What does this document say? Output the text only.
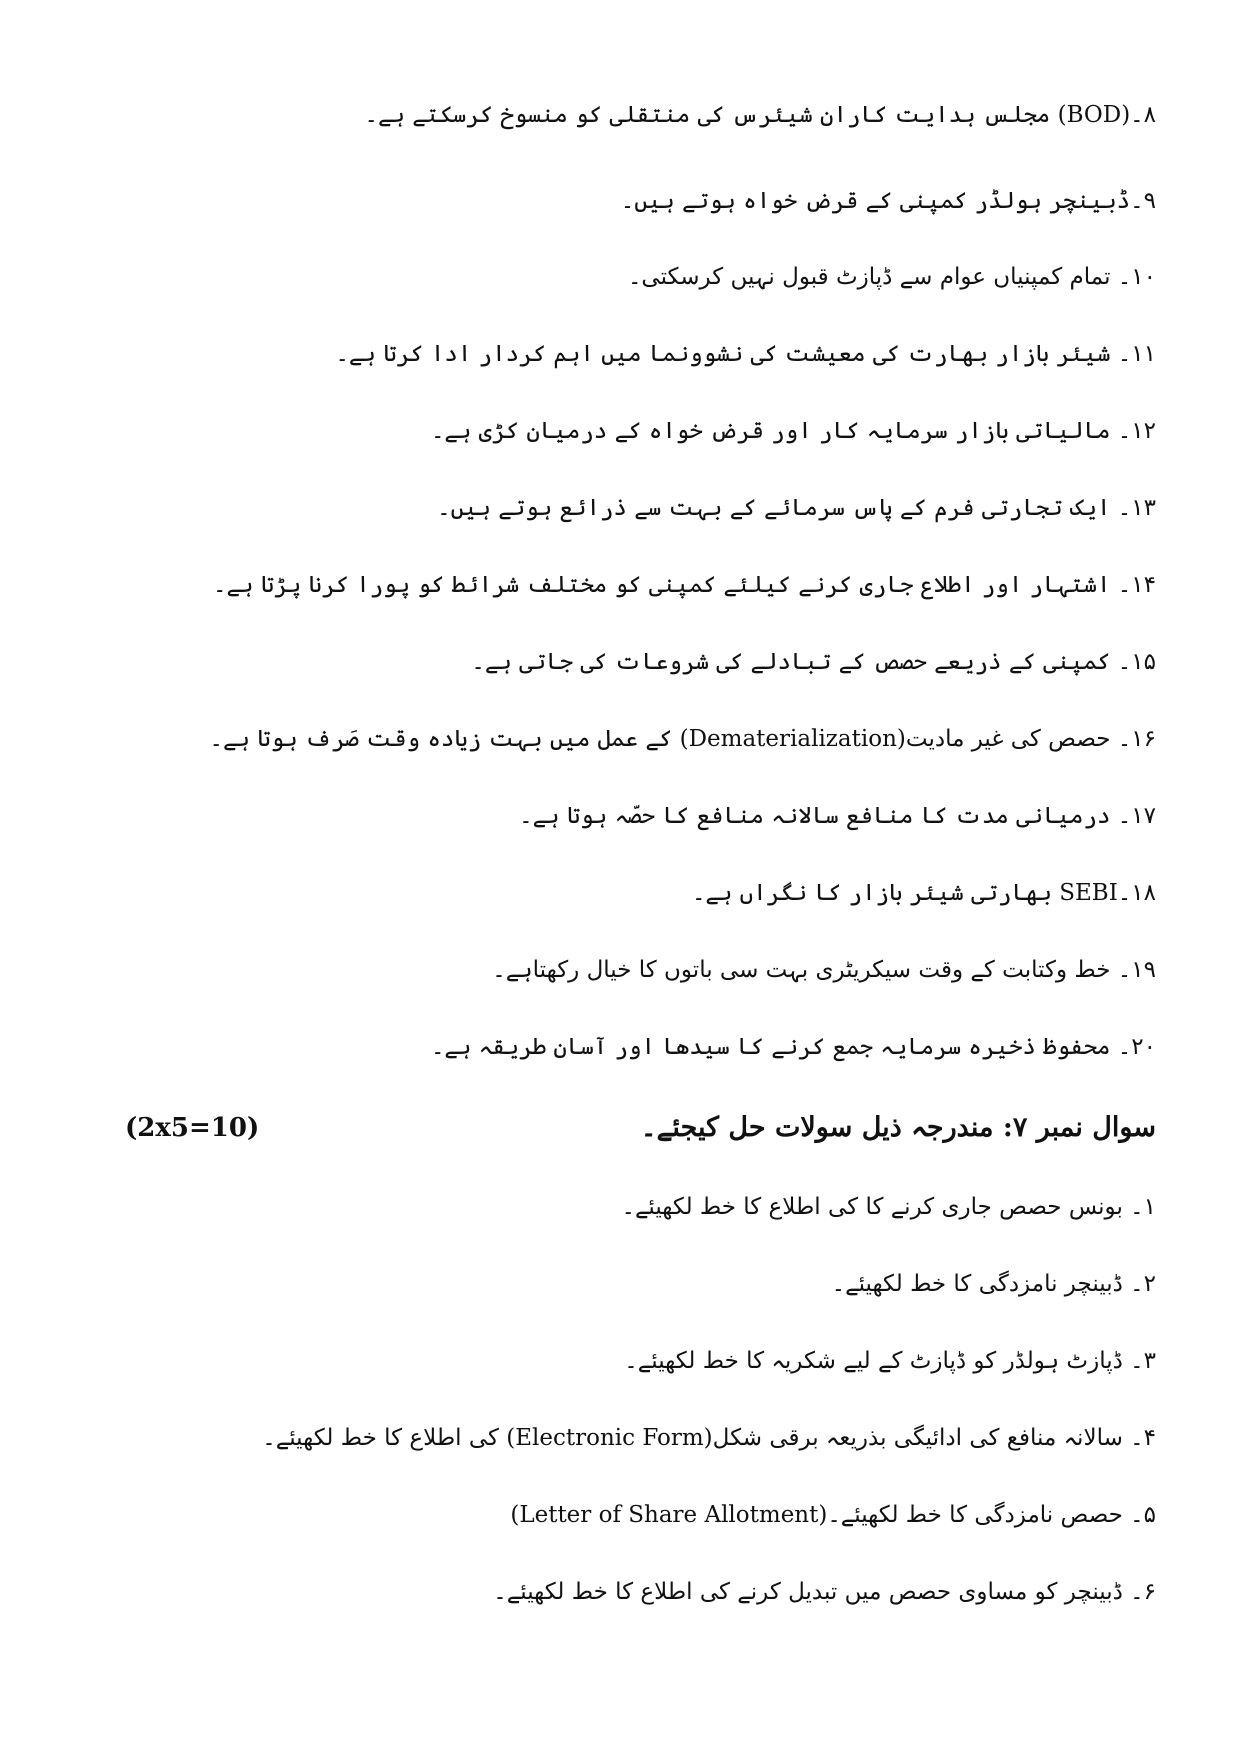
۸۔(BOD) مجلس ہدایت کاران شیئرس کی منتقلی کو منسوخ کرسکتے ہے۔
۹۔ڈبینچر ہولڈر کمپنی کے قرض خواہ ہوتے ہیں۔
۱۰۔ تمام کمپنیاں عوام سے ڈپازٹ قبول نہیں کرسکتی۔
۱۱۔ شیئر بازار بھارت کی معیشت کی نشوونما میں اہم کردار ادا کرتا ہے۔
۱۲۔ مالیاتی بازار سرمایہ کار اور قرض خواہ کے درمیان کڑی ہے۔
۱۳۔ ایک تجارتی فرم کے پاس سرمائے کے بہت سے ذرائع ہوتے ہیں۔
۱۴۔ اشتہار اور اطلاع جاری کرنے کیلئے کمپنی کو مختلف شرائط کو پورا کرنا پڑتا ہے۔
۱۵۔ کمپنی کے ذریعے حصص کے تبادلے کی شروعات کی جاتی ہے۔
۱۶۔ حصص کی غیر مادیت(Dematerialization) کے عمل میں بہت زیادہ وقت صَرف ہوتا ہے۔
۱۷۔ درمیانی مدت کا منافع سالانہ منافع کا حصّہ ہوتا ہے۔
۱۸۔SEBI بھارتی شیئر بازار کا نگراں ہے۔
۱۹۔ خط وکتابت کے وقت سیکریٹری بہت سی باتوں کا خیال رکھتاہے۔
۲۰۔ محفوظ ذخیرہ سرمایہ جمع کرنے کا سیدھا اور آسان طریقہ ہے۔
سوال نمبر ۷: مندرجہ ذیل سولات حل کیجئے۔
(2x5=10)
۱۔ بونس حصص جاری کرنے کا کی اطلاع کا خط لکھیئے۔
۲۔ ڈبینچر نامزدگی کا خط لکھیئے۔
۳۔ ڈپازٹ ہولڈر کو ڈپازٹ کے لیے شکریہ کا خط لکھیئے۔
۴۔ سالانہ منافع کی ادائیگی بذریعہ برقی شکل(Electronic Form) کی اطلاع کا خط لکھیئے۔
۵۔ حصص نامزدگی کا خط لکھیئے۔(Letter of Share Allotment)
۶۔ ڈبینچر کو مساوی حصص میں تبدیل کرنے کی اطلاع کا خط لکھیئے۔
